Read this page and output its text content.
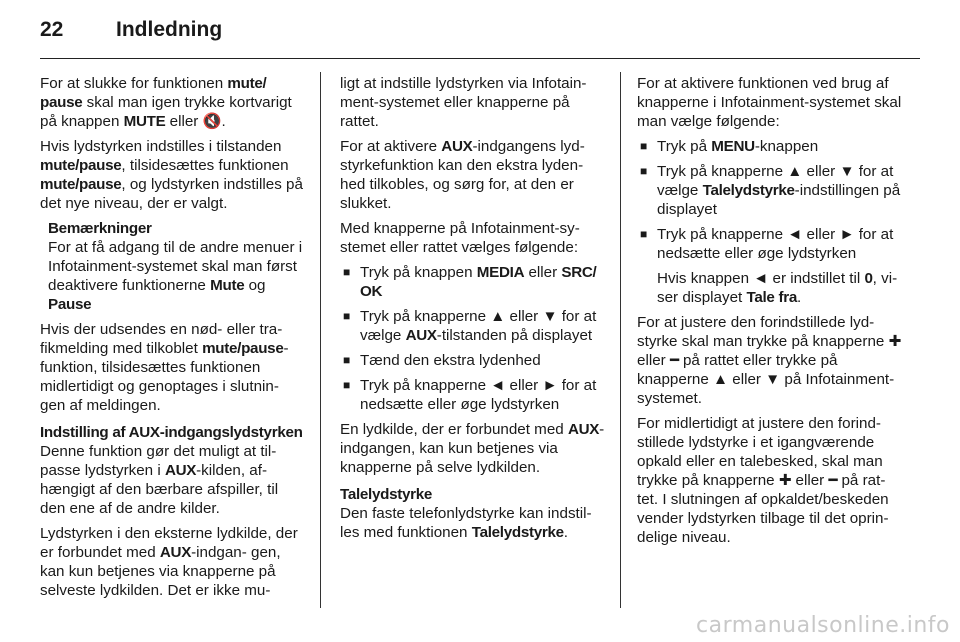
22	Indledning

For at slukke for funktionen mute/ pause skal man igen trykke kortvarigt på knappen MUTE eller 🔇.

Hvis lydstyrken indstilles i tilstanden mute/pause, tilsidesættes funktionen mute/pause, og lydstyrken indstilles på det nye niveau, der er valgt.

Bemærkninger
For at få adgang til de andre menuer i Infotainment-systemet skal man først deaktivere funktionerne Mute og Pause

Hvis der udsendes en nød- eller tra- fikmelding med tilkoblet mute/pause- funktion, tilsidesættes funktionen midlertidigt og genoptages i slutnin- gen af meldingen.

Indstilling af AUX-indgangslydstyrken

Denne funktion gør det muligt at til- passe lydstyrken i AUX-kilden, af- hængigt af den bærbare afspiller, til den ene af de andre kilder.

Lydstyrken i den eksterne lydkilde, der er forbundet med AUX-indgan- gen, kan kun betjenes via knapperne på selveste lydkilden. Det er ikke mu-

ligt at indstille lydstyrken via Infotain- ment-systemet eller knapperne på rattet.

For at aktivere AUX-indgangens lyd- styrkefunktion kan den ekstra lyden- hed tilkobles, og sørg for, at den er slukket.

Med knapperne på Infotainment-sy- stemet eller rattet vælges følgende:

■ Tryk på knappen MEDIA eller SRC/ OK
■ Tryk på knapperne ▲ eller ▼ for at vælge AUX-tilstanden på displayet
■ Tænd den ekstra lydenhed
■ Tryk på knapperne ◄ eller ► for at nedsætte eller øge lydstyrken

En lydkilde, der er forbundet med AUX-indgangen, kan kun betjenes via knapperne på selve lydkilden.

Talelydstyrke

Den faste telefonlydstyrke kan indstil- les med funktionen Talelydstyrke.

For at aktivere funktionen ved brug af knapperne i Infotainment-systemet skal man vælge følgende:

■ Tryk på MENU-knappen
■ Tryk på knapperne ▲ eller ▼ for at vælge Talelydstyrke-indstillingen på displayet
■ Tryk på knapperne ◄ eller ► for at nedsætte eller øge lydstyrken

Hvis knappen ◄ er indstillet til 0, vi- ser displayet Tale fra.

For at justere den forindstillede lyd- styrke skal man trykke på knapperne ✚ eller ━ på rattet eller trykke på knapperne ▲ eller ▼ på Infotainment- systemet.

For midlertidigt at justere den forind- stillede lydstyrke i et igangværende opkald eller en talebesked, skal man trykke på knapperne ✚ eller ━ på rat- tet. I slutningen af opkaldet/beskeden vender lydstyrken tilbage til det oprin- delige niveau.

carmanualsonline.info
